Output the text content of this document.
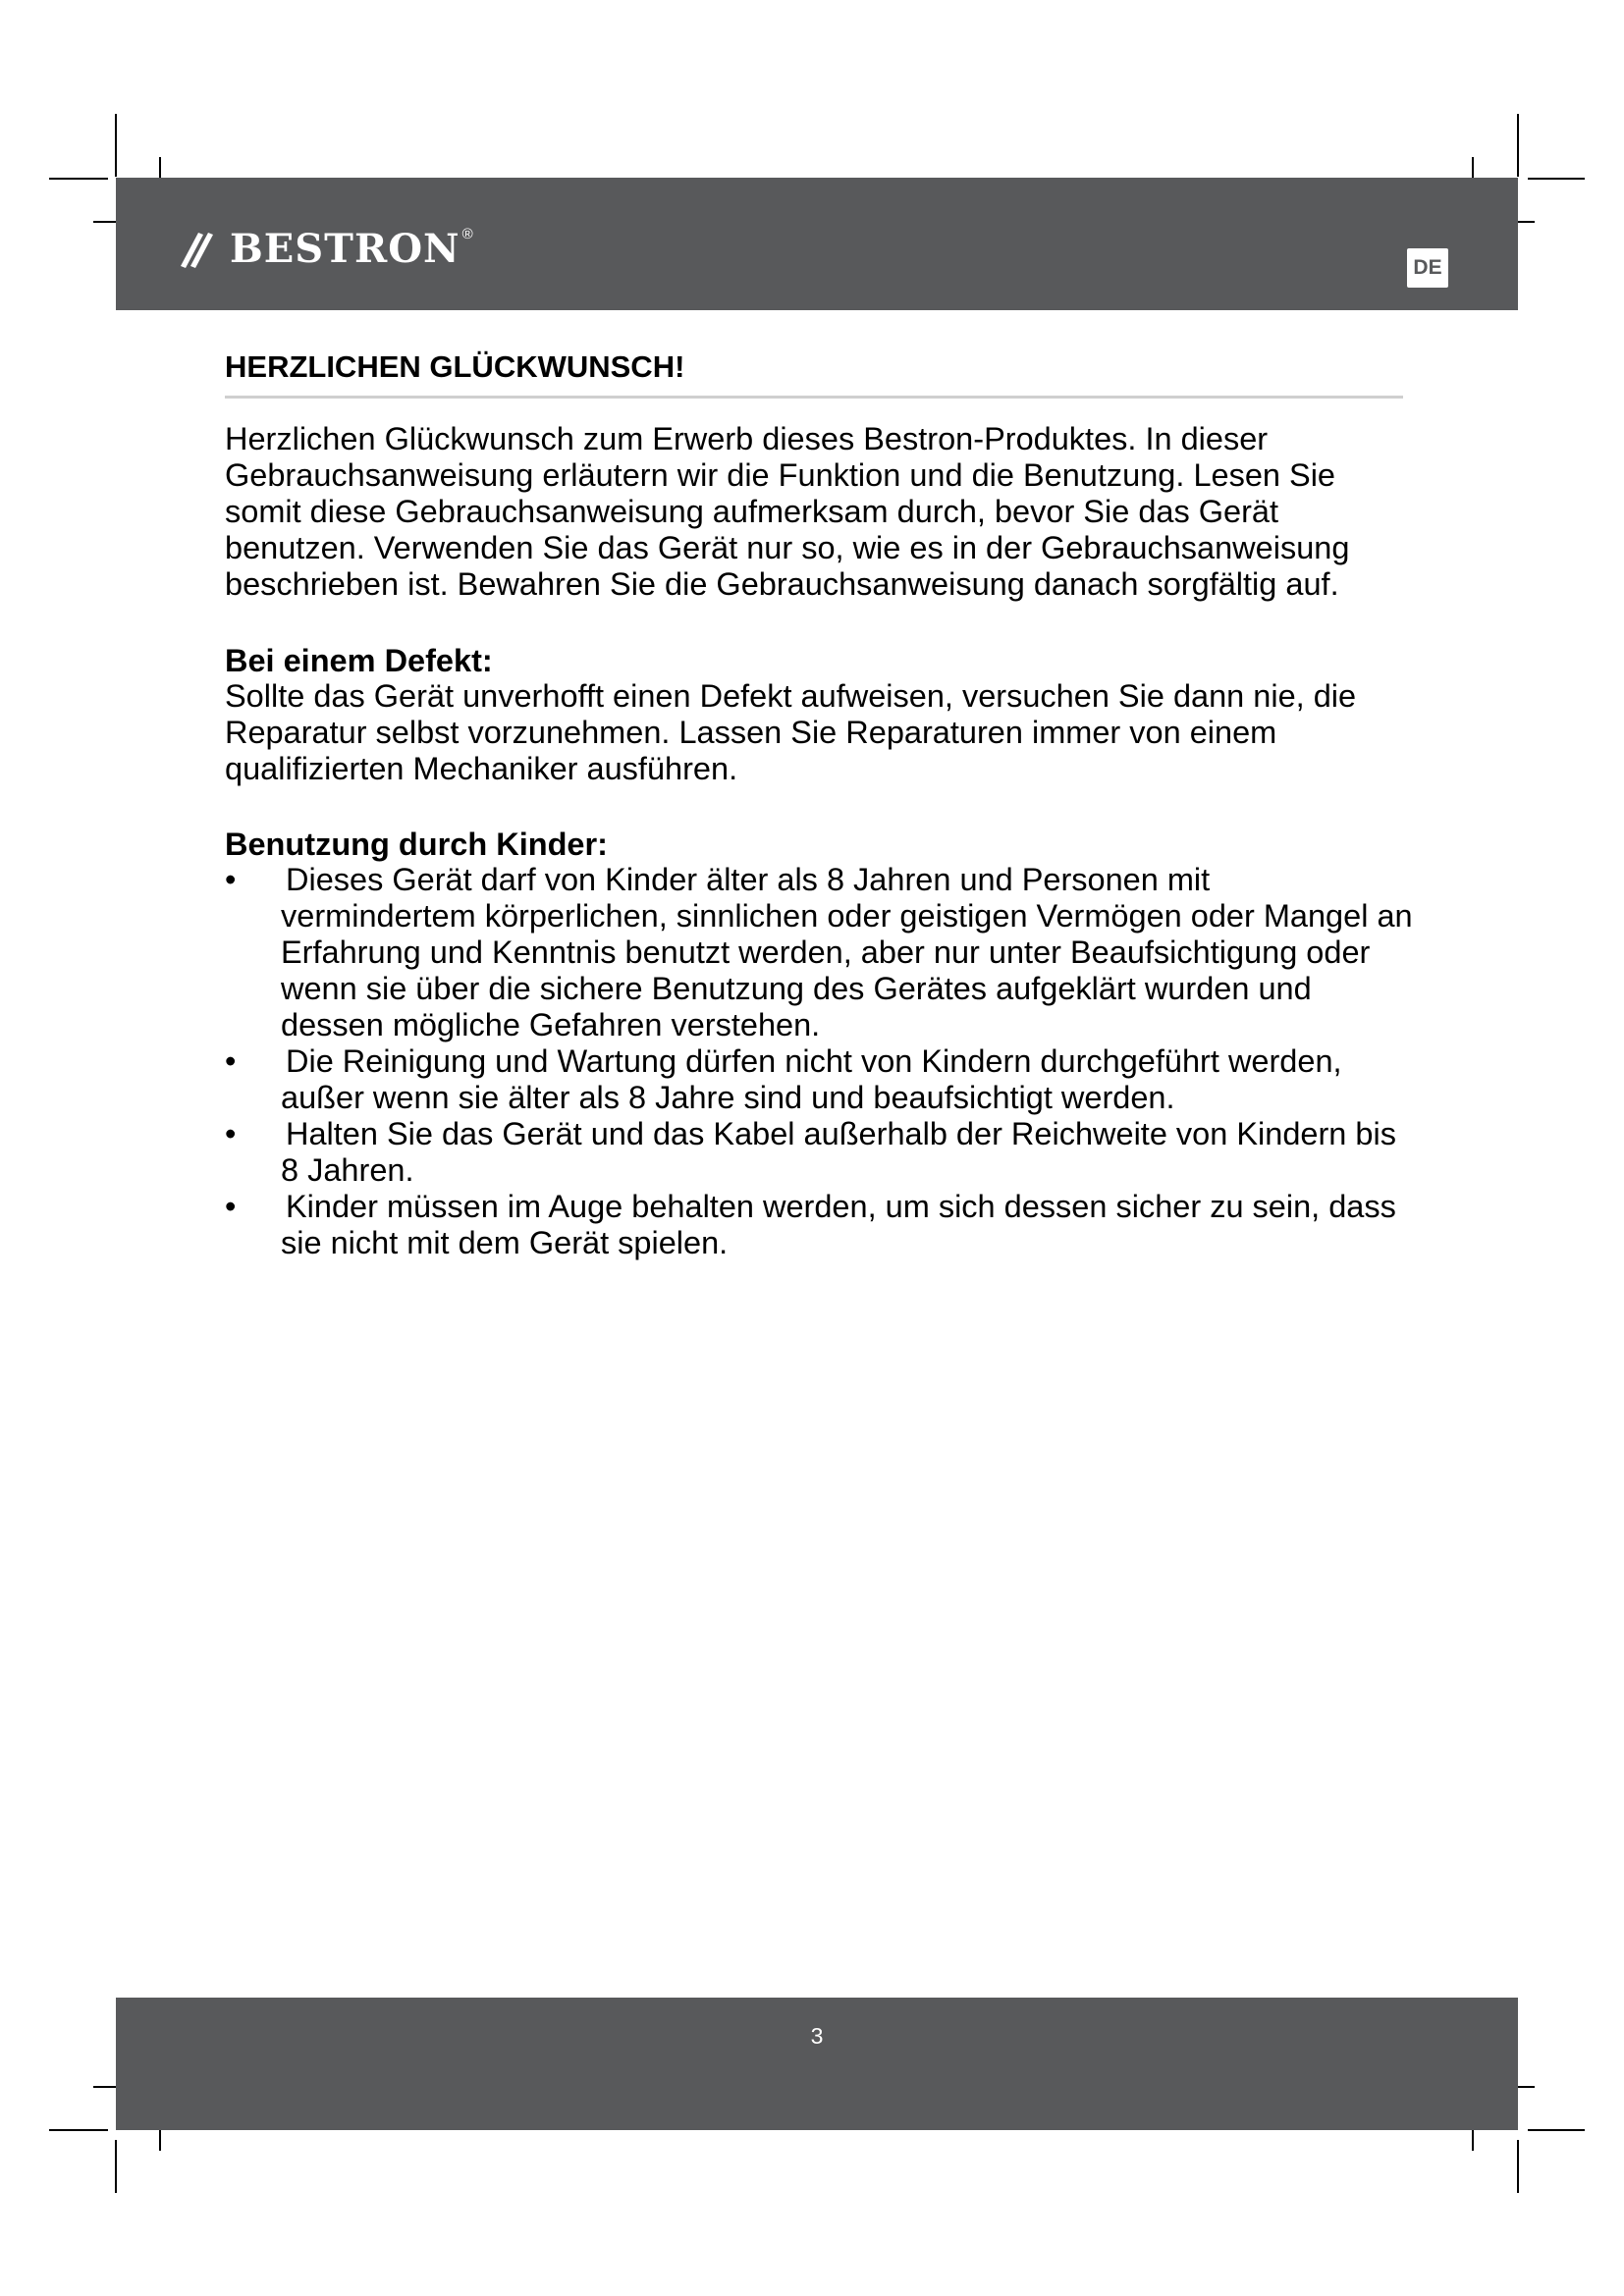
BESTRON ®
DE
HERZLICHEN GLÜCKWUNSCH!

Herzlichen Glückwunsch zum Erwerb dieses Bestron-Produktes. In dieser Gebrauchsanweisung erläutern wir die Funktion und die Benutzung. Lesen Sie somit diese Gebrauchsanweisung aufmerksam durch, bevor Sie das Gerät benutzen. Verwenden Sie das Gerät nur so, wie es in der Gebrauchsanweisung beschrieben ist. Bewahren Sie die Gebrauchsanweisung danach sorgfältig auf.

Bei einem Defekt:

Sollte das Gerät unverhofft einen Defekt aufweisen, versuchen Sie dann nie, die Reparatur selbst vorzunehmen. Lassen Sie Reparaturen immer von einem qualifizierten Mechaniker ausführen.

Benutzung durch Kinder:
• Dieses Gerät darf von Kinder älter als 8 Jahren und Personen mit vermindertem körperlichen, sinnlichen oder geistigen Vermögen oder Mangel an Erfahrung und Kenntnis benutzt werden, aber nur unter Beaufsichtigung oder wenn sie über die sichere Benutzung des Gerätes aufgeklärt wurden und dessen mögliche Gefahren verstehen.
• Die Reinigung und Wartung dürfen nicht von Kindern durchgeführt werden, außer wenn sie älter als 8 Jahre sind und beaufsichtigt werden.
• Halten Sie das Gerät und das Kabel außerhalb der Reichweite von Kindern bis 8 Jahren.
• Kinder müssen im Auge behalten werden, um sich dessen sicher zu sein, dass sie nicht mit dem Gerät spielen.
3
